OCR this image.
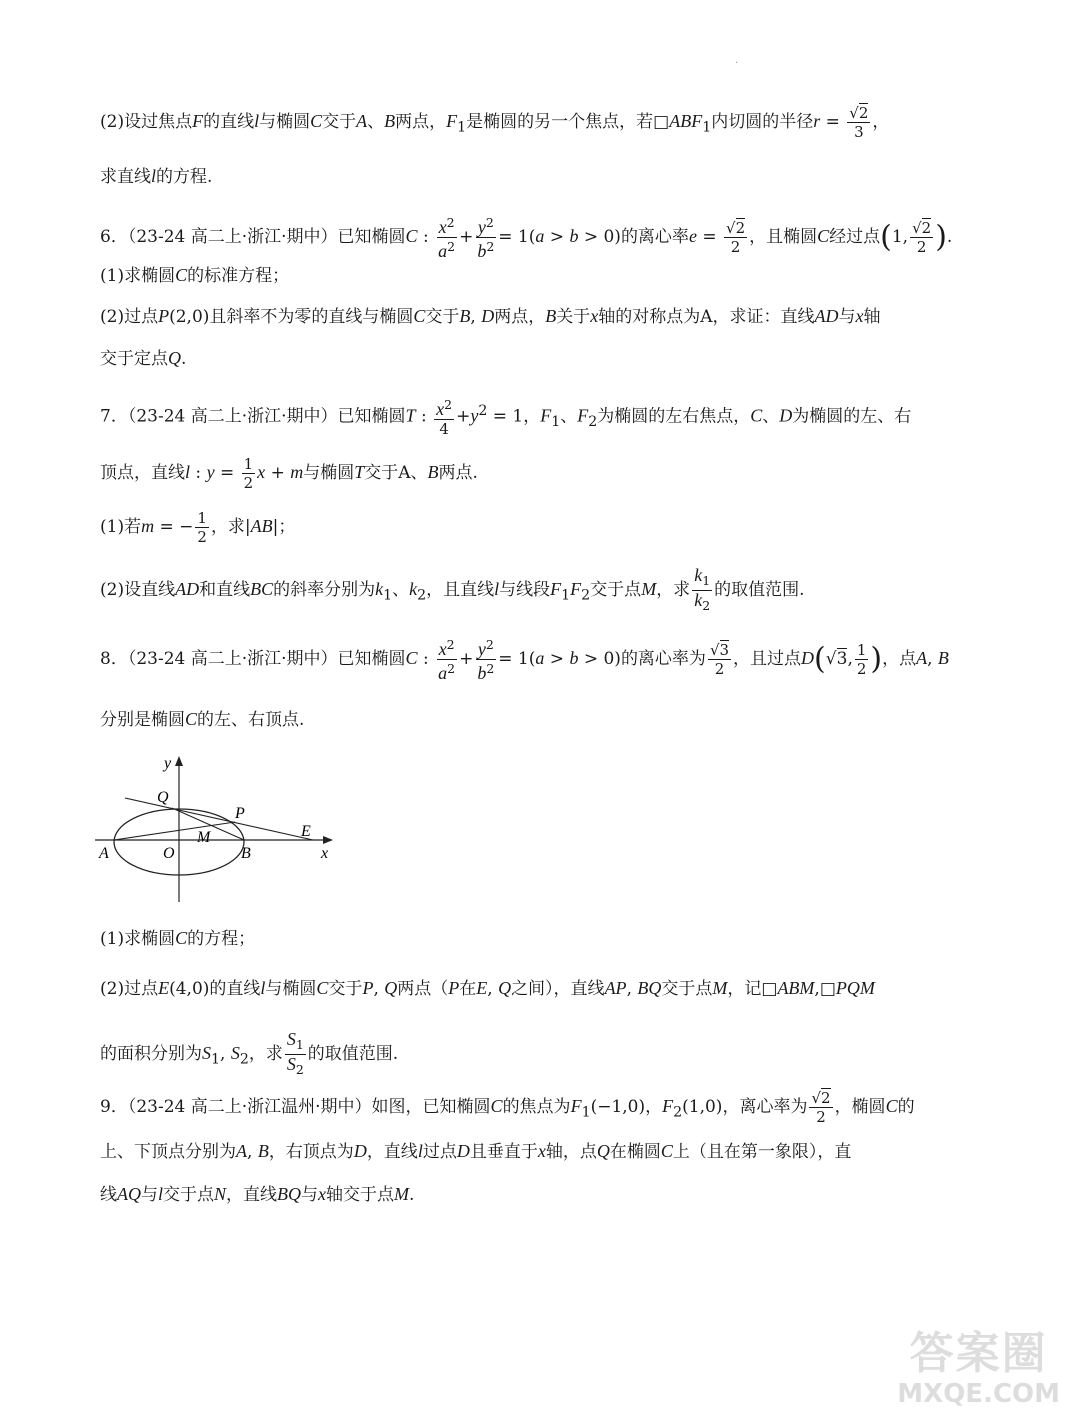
·
(2)设过焦点F的直线l与椭圆C交于A、B两点，$F_1$是椭圆的另一个焦点，若$□ABF_1$内切圆的半径$r = \frac{√2}{3}$ ，
求直线l的方程.
6．（23-24 高二上·浙江·期中）已知椭圆C : $\frac{x^2}{a^2} + \frac{y^2}{b^2} = 1(a > b > 0)$的离心率$e = \frac{√2}{2}$ ，且椭圆C经过点(1, $\frac{√2}{2}$ ).
(1)求椭圆C的标准方程；
(2)过点P(2,0)且斜率不为零的直线与椭圆C交于B, D两点，B关于x轴的对称点为A，求证：直线AD与x轴
交于定点Q.
7．（23-24 高二上·浙江·期中）已知椭圆T : $\frac{x^2}{4} +y^2 = 1$，$F_1$、$F_2$为椭圆的左右焦点，C、D为椭圆的左、右
顶点，直线l : $y = \frac{1}{2}$ x + m与椭圆T交于A、B两点.
(1)若m = − $\frac{1}{2}$ ，求|AB|；
(2)设直线AD和直线BC的斜率分别为$k_1$、$k_2$，且直线l与线段$F_1F_2$交于点M，求 $\frac{k_1}{k_2}$ 的取值范围.
8．（23-24 高二上·浙江·期中）已知椭圆C : $\frac{x^2}{a^2} + \frac{y^2}{b^2} = 1(a > b > 0)$的离心率为 $\frac{√3}{2}$ ，且过点D(√3, $\frac{1}{2}$ )，点A, B
分别是椭圆C的左、右顶点.
(1)求椭圆C的方程；
(2)过点E(4,0)的直线l与椭圆C交于P, Q两点（P在E, Q之间），直线AP, BQ交于点M，记□ABM,□PQM
的面积分别为$S_1$, $S_2$，求 $\frac{S_1}{S_2}$ 的取值范围.
9．（23-24 高二上·浙江温州·期中）如图，已知椭圆C的焦点为$F_1(-1,0)$，$F_2(1,0)$，离心率为 $\frac{√2}{2}$ ，椭圆C的
上、下顶点分别为A, B，右顶点为D，直线l过点D且垂直于x轴，点Q在椭圆C上（且在第一象限），直
线AQ与l交于点N，直线BQ与x轴交于点M.
y
Q
P
M	E
A	O	B	x
答案圈
MXQE.COM
